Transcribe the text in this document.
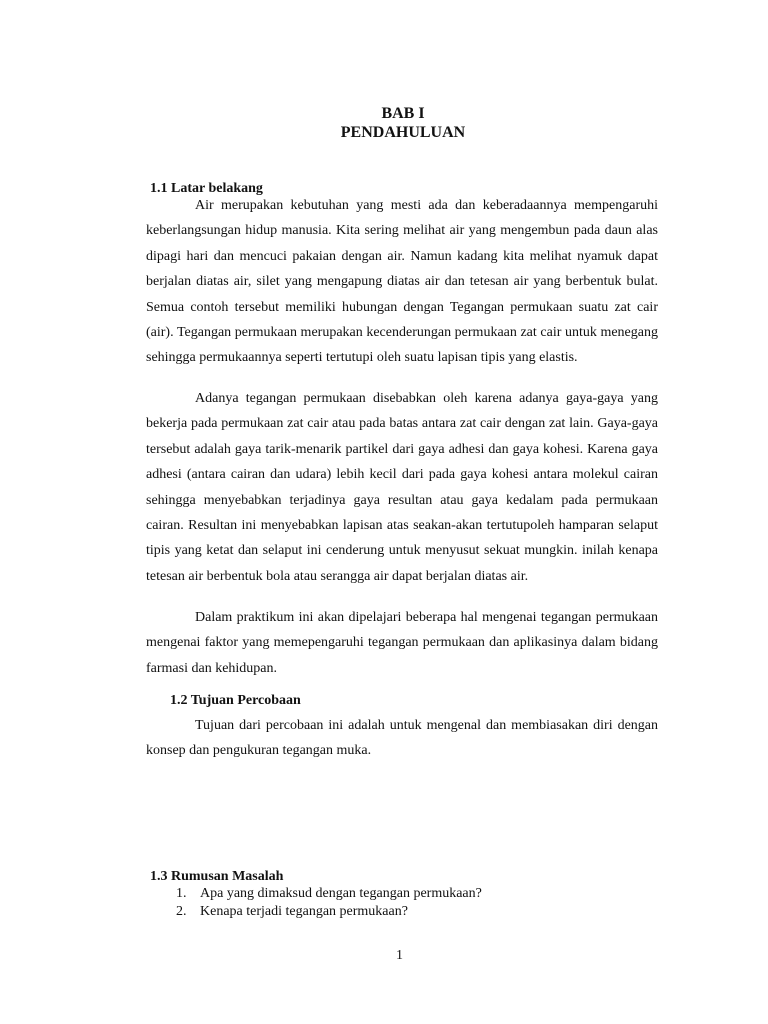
BAB I
PENDAHULUAN
1.1 Latar belakang

Air merupakan kebutuhan yang mesti ada dan keberadaannya mempengaruhi keberlangsungan hidup manusia. Kita sering melihat air yang mengembun pada daun alas dipagi hari dan mencuci pakaian dengan air. Namun kadang kita melihat nyamuk dapat berjalan diatas air, silet yang mengapung diatas air dan tetesan air yang berbentuk bulat. Semua contoh tersebut memiliki hubungan dengan Tegangan permukaan suatu zat cair (air). Tegangan permukaan merupakan kecenderungan permukaan zat cair untuk menegang sehingga permukaannya seperti tertutupi oleh suatu lapisan tipis yang elastis.

Adanya tegangan permukaan disebabkan oleh karena adanya gaya-gaya yang bekerja pada permukaan zat cair atau pada batas antara zat cair dengan zat lain. Gaya-gaya tersebut adalah gaya tarik-menarik partikel dari gaya adhesi dan gaya kohesi. Karena gaya adhesi (antara cairan dan udara) lebih kecil dari pada gaya kohesi antara molekul cairan sehingga menyebabkan terjadinya gaya resultan atau gaya kedalam pada permukaan cairan. Resultan ini menyebabkan lapisan atas seakan-akan tertutupoleh hamparan selaput tipis yang ketat dan selaput ini cenderung untuk menyusut sekuat mungkin. inilah kenapa tetesan air berbentuk bola atau serangga air dapat berjalan diatas air.

Dalam praktikum ini akan dipelajari beberapa hal mengenai tegangan permukaan mengenai faktor yang memepengaruhi tegangan permukaan dan aplikasinya dalam bidang farmasi dan kehidupan.

1.2 Tujuan Percobaan

Tujuan dari percobaan ini adalah untuk mengenal dan membiasakan diri dengan konsep dan pengukuran tegangan muka.

1.3 Rumusan Masalah
1. Apa yang dimaksud dengan tegangan permukaan?
2. Kenapa terjadi tegangan permukaan?
1
